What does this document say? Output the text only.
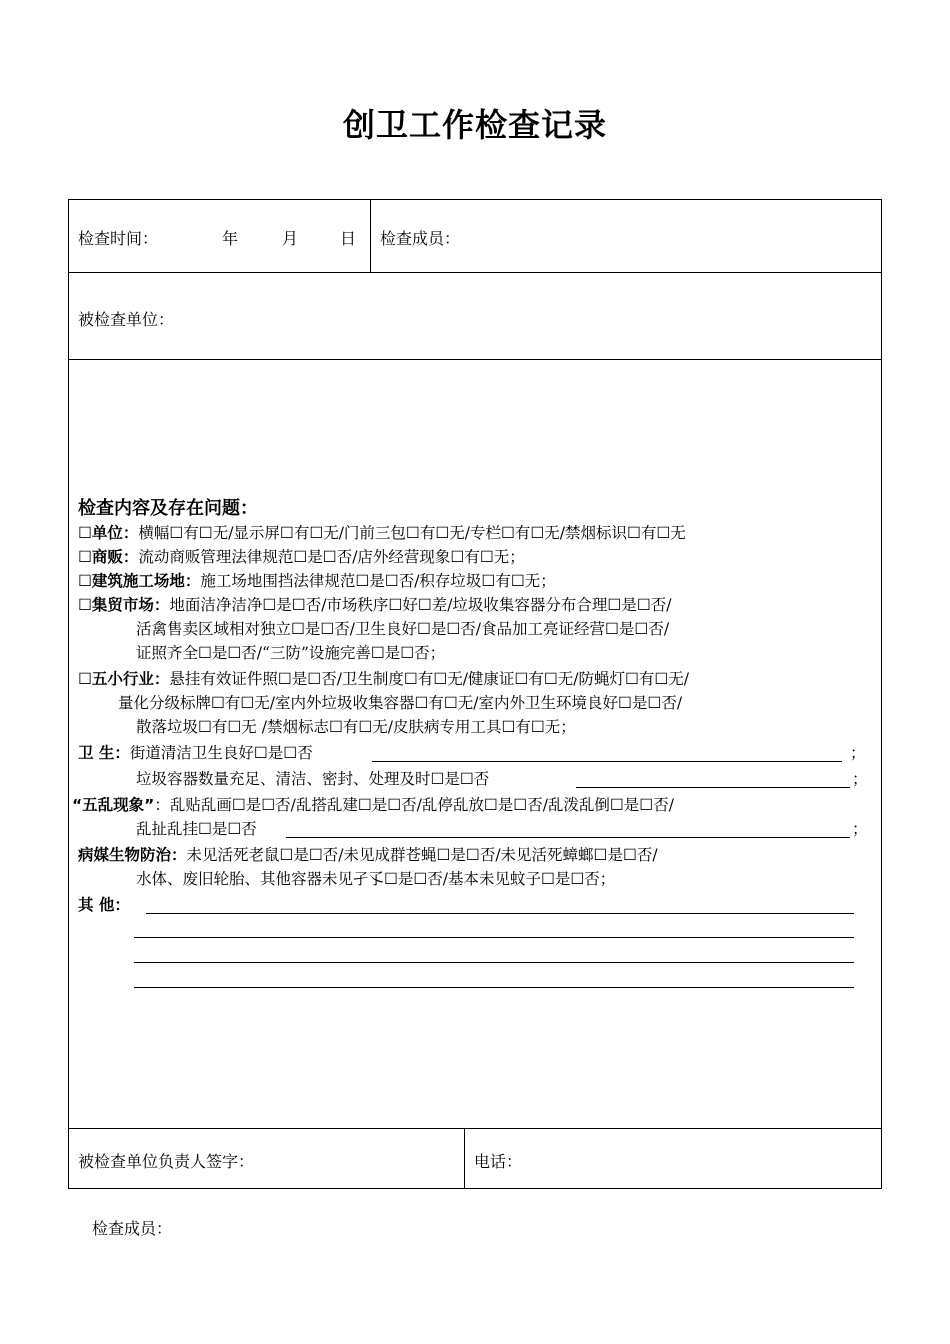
创卫工作检查记录
检查时间：	年	月	日 检查成员：
被检查单位：
检查内容及存在问题：
☐单位：横幅☐有☐无/显示屏☐有☐无/门前三包☐有☐无/专栏☐有☐无/禁烟标识☐有☐无
☐商贩：流动商贩管理法律规范☐是☐否/店外经营现象☐有☐无；
☐建筑施工场地：施工场地围挡法律规范☐是☐否/积存垃圾☐有☐无；
☐集贸市场：地面洁净洁净☐是☐否/市场秩序☐好☐差/垃圾收集容器分布合理☐是☐否/
活禽售卖区域相对独立☐是☐否/卫生良好☐是☐否/食品加工亮证经营☐是☐否/
证照齐全☐是☐否/“三防”设施完善☐是☐否；
☐五小行业：悬挂有效证件照☐是☐否/卫生制度☐有☐无/健康证☐有☐无/防蝇灯☐有☐无/
量化分级标牌☐有☐无/室内外垃圾收集容器☐有☐无/室内外卫生环境良好☐是☐否/
散落垃圾☐有☐无 /禁烟标志☐有☐无/皮肤病专用工具☐有☐无；
卫 生：街道清洁卫生良好☐是☐否	；
垃圾容器数量充足、清洁、密封、处理及时☐是☐否	；
“五乱现象”：乱贴乱画☐是☐否/乱搭乱建☐是☐否/乱停乱放☐是☐否/乱泼乱倒☐是☐否/
乱扯乱挂☐是☐否	；
病媒生物防治：未见活死老鼠☐是☐否/未见成群苍蝇☐是☐否/未见活死蟑螂☐是☐否/
水体、废旧轮胎、其他容器未见孑孓☐是☐否/基本未见蚊子☐是☐否；
其 他：
被检查单位负责人签字：	电话：
检查成员：
